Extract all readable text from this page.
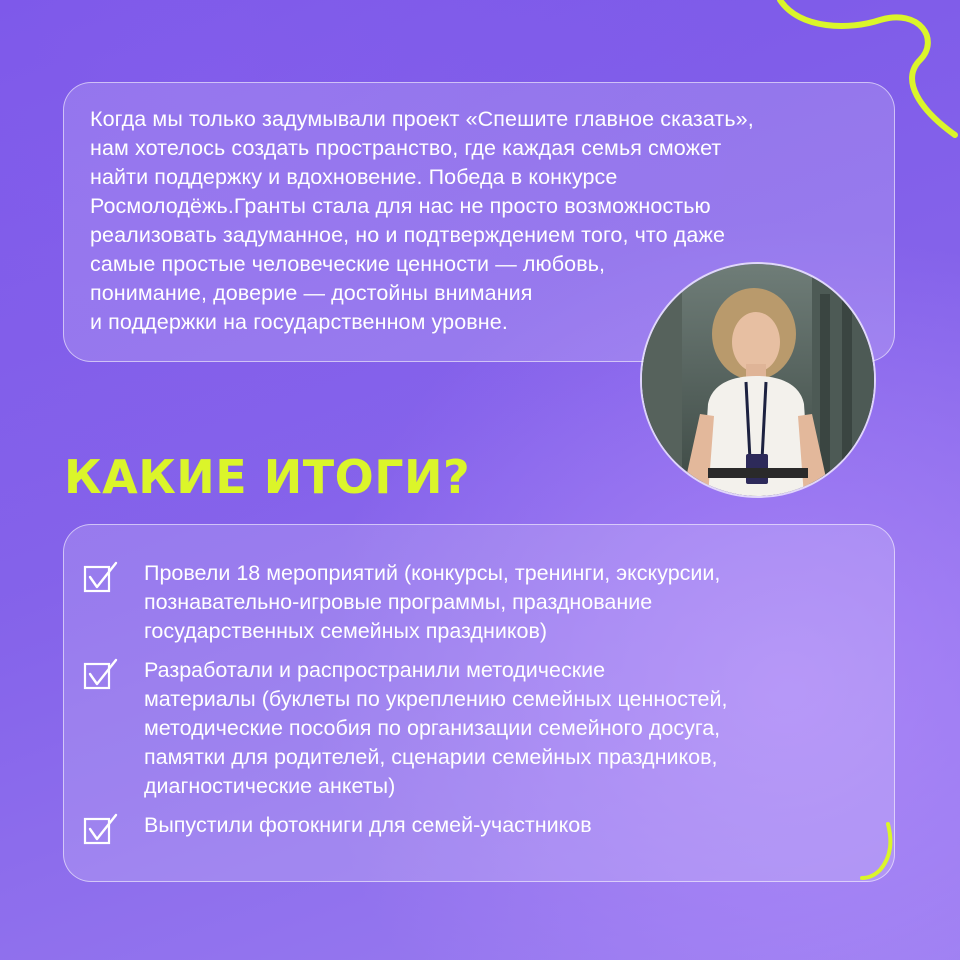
Когда мы только задумывали проект «Спешите главное сказать»,
нам хотелось создать пространство, где каждая семья сможет
найти поддержку и вдохновение. Победа в конкурсе
Росмолодёжь.Гранты стала для нас не просто возможностью
реализовать задуманное, но и подтверждением того, что даже
самые простые человеческие ценности — любовь,
понимание, доверие — достойны внимания
и поддержки на государственном уровне.

КАКИЕ ИТОГИ?
Провели 18 мероприятий (конкурсы, тренинги, экскурсии,
познавательно-игровые программы, празднование
государственных семейных праздников)
Разработали и распространили методические
материалы (буклеты по укреплению семейных ценностей,
методические пособия по организации семейного досуга,
памятки для родителей, сценарии семейных праздников,
диагностические анкеты)
Выпустили фотокниги для семей-участников
